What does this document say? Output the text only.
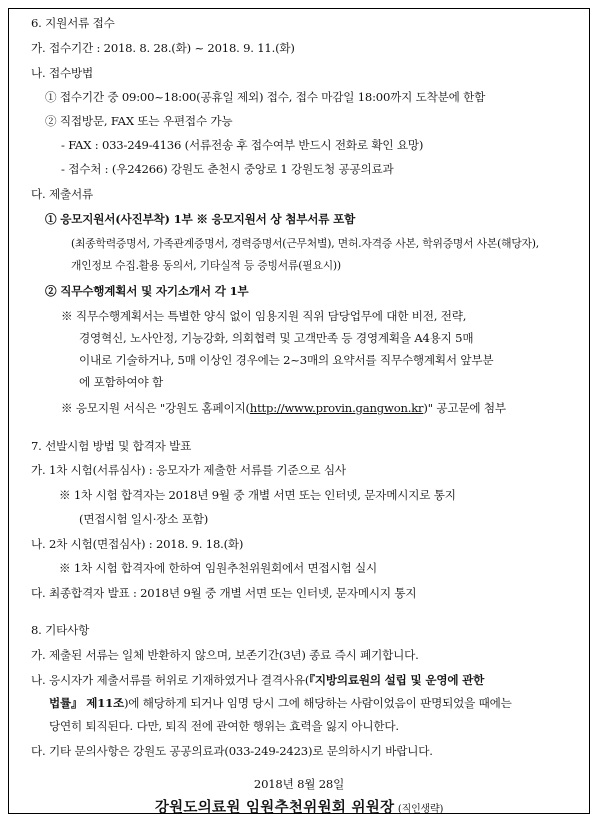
6. 지원서류 접수
가. 접수기간 : 2018. 8. 28.(화) ~ 2018. 9. 11.(화)
나. 접수방법
① 접수기간 중 09:00~18:00(공휴일 제외) 접수, 접수 마감일 18:00까지 도착분에 한함
② 직접방문, FAX 또는 우편접수 가능
- FAX : 033-249-4136 (서류전송 후 접수여부 반드시 전화로 확인 요망)
- 접수처 : (우24266) 강원도 춘천시 중앙로 1 강원도청 공공의료과
다. 제출서류
① 응모지원서(사진부착) 1부 ※ 응모지원서 상 첨부서류 포함
(최종학력증명서, 가족관계증명서, 경력증명서(근무처별), 면허.자격증 사본, 학위증명서 사본(해당자),
개인정보 수집.활용 동의서, 기타실적 등 증빙서류(필요시))
② 직무수행계획서 및 자기소개서 각 1부
※ 직무수행계획서는 특별한 양식 없이 임용지원 직위 담당업무에 대한 비전, 전략,
경영혁신, 노사안정, 기능강화, 의회협력 및 고객만족 등 경영계획을 A4용지 5매
이내로 기술하거나, 5매 이상인 경우에는 2~3매의 요약서를 직무수행계획서 앞부분
에 포함하여야 함
※ 응모지원 서식은 "강원도 홈페이지(http://www.provin.gangwon.kr)" 공고문에 첨부
7. 선발시험 방법 및 합격자 발표
가. 1차 시험(서류심사) : 응모자가 제출한 서류를 기준으로 심사
※ 1차 시험 합격자는 2018년 9월 중 개별 서면 또는 인터넷, 문자메시지로 통지
(면접시험 일시·장소 포함)
나. 2차 시험(면접심사) : 2018. 9. 18.(화)
※ 1차 시험 합격자에 한하여 임원추천위원회에서 면접시험 실시
다. 최종합격자 발표 : 2018년 9월 중 개별 서면 또는 인터넷, 문자메시지 통지
8. 기타사항
가. 제출된 서류는 일체 반환하지 않으며, 보존기간(3년) 종료 즉시 폐기합니다.
나. 응시자가 제출서류를 허위로 기재하였거나 결격사유(『지방의료원의 설립 및 운영에 관한
법률』 제11조)에 해당하게 되거나 임명 당시 그에 해당하는 사람이었음이 판명되었을 때에는
당연히 퇴직된다. 다만, 퇴직 전에 관여한 행위는 효력을 잃지 아니한다.
다. 기타 문의사항은 강원도 공공의료과(033-249-2423)로 문의하시기 바랍니다.
2018년 8월 28일
강원도의료원 임원추천위원회 위원장 (직인생략)
